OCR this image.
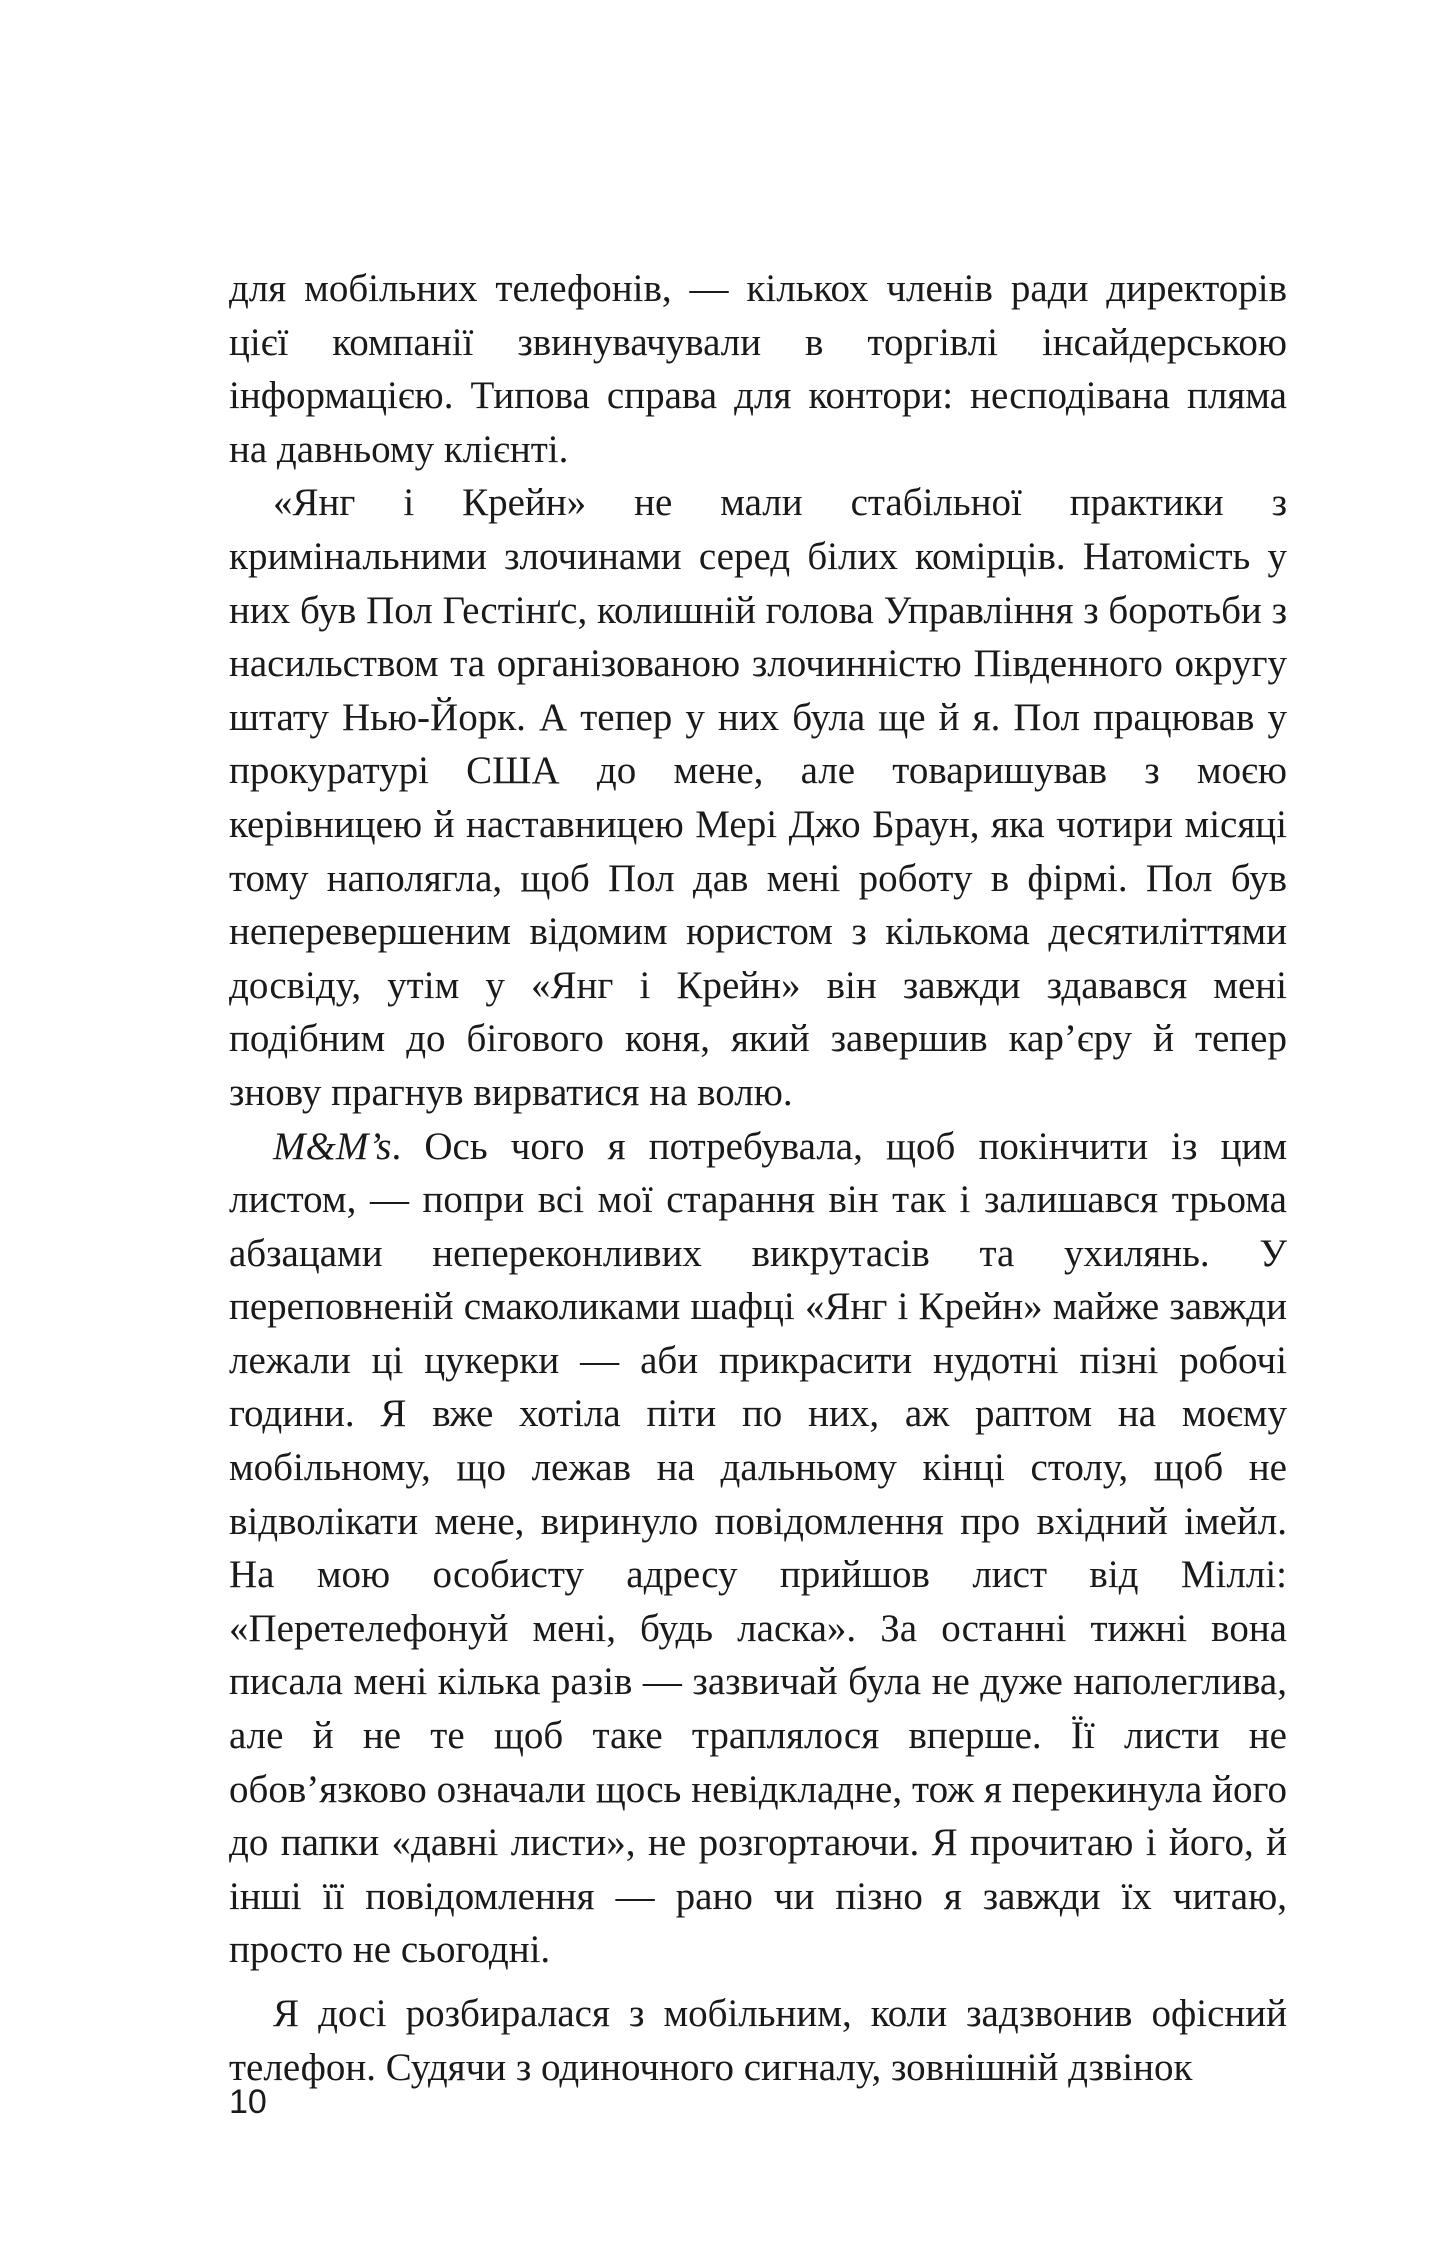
для мобільних телефонів, — кількох членів ради директорів цієї компанії звинувачували в торгівлі інсайдерською інформацією. Типова справа для контори: несподівана пляма на давньому клієнті.

«Янг і Крейн» не мали стабільної практики з кримінальними злочинами серед білих комірців. Натомість у них був Пол Гестінґс, колишній голова Управління з боротьби з насильством та організованою злочинністю Південного округу штату Нью-Йорк. А тепер у них була ще й я. Пол працював у прокуратурі США до мене, але товаришував з моєю керівницею й наставницею Мері Джо Браун, яка чотири місяці тому наполягла, щоб Пол дав мені роботу в фірмі. Пол був неперевершеним відомим юристом з кількома десятиліттями досвіду, утім у «Янг і Крейн» він завжди здавався мені подібним до бігового коня, який завершив кар’єру й тепер знову прагнув вирватися на волю.

M&M’s. Ось чого я потребувала, щоб покінчити із цим листом, — попри всі мої старання він так і залишався трьома абзацами непереконливих викрутасів та ухилянь. У переповненій смаколиками шафці «Янг і Крейн» майже завжди лежали ці цукерки — аби прикрасити нудотні пізні робочі години. Я вже хотіла піти по них, аж раптом на моєму мобільному, що лежав на дальньому кінці столу, щоб не відволікати мене, виринуло повідомлення про вхідний імейл. На мою особисту адресу прийшов лист від Міллі: «Перетелефонуй мені, будь ласка». За останні тижні вона писала мені кілька разів — зазвичай була не дуже наполеглива, але й не те щоб таке траплялося вперше. Її листи не обов’язково означали щось невідкладне, тож я перекинула його до папки «давні листи», не розгортаючи. Я прочитаю і його, й інші її повідомлення — рано чи пізно я завжди їх читаю, просто не сьогодні.

Я досі розбиралася з мобільним, коли задзвонив офісний телефон. Судячи з одиночного сигналу, зовнішній дзвінок

10
